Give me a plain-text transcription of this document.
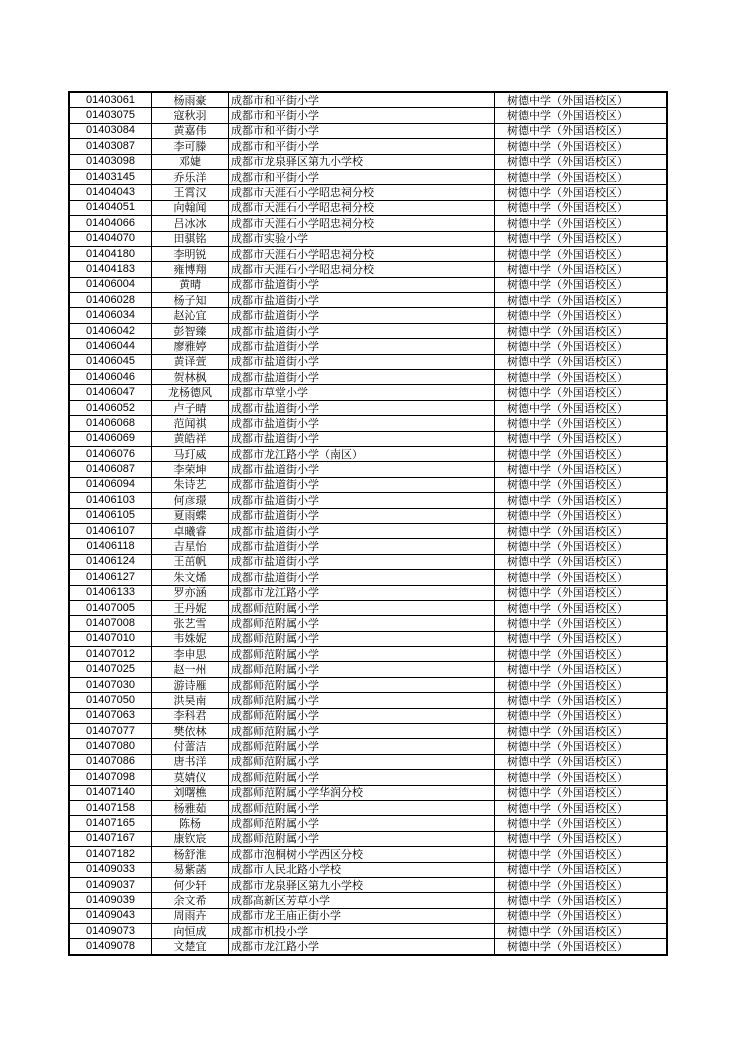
01403061	杨雨豪	成都市和平街小学	树德中学（外国语校区）
01403075	寇秋羽	成都市和平街小学	树德中学（外国语校区）
01403084	黄嘉伟	成都市和平街小学	树德中学（外国语校区）
01403087	李可滕	成都市和平街小学	树德中学（外国语校区）
01403098	邓婕	成都市龙泉驿区第九小学校	树德中学（外国语校区）
01403145	乔乐洋	成都市和平街小学	树德中学（外国语校区）
01404043	王霄汉	成都市天涯石小学昭忠祠分校	树德中学（外国语校区）
01404051	向翰闻	成都市天涯石小学昭忠祠分校	树德中学（外国语校区）
01404066	吕冰冰	成都市天涯石小学昭忠祠分校	树德中学（外国语校区）
01404070	田骐铭	成都市实验小学	树德中学（外国语校区）
01404180	李明锐	成都市天涯石小学昭忠祠分校	树德中学（外国语校区）
01404183	雍博翔	成都市天涯石小学昭忠祠分校	树德中学（外国语校区）
01406004	黄晴	成都市盐道街小学	树德中学（外国语校区）
01406028	杨子知	成都市盐道街小学	树德中学（外国语校区）
01406034	赵沁宜	成都市盐道街小学	树德中学（外国语校区）
01406042	彭智臻	成都市盐道街小学	树德中学（外国语校区）
01406044	廖雅婷	成都市盐道街小学	树德中学（外国语校区）
01406045	黄译萱	成都市盐道街小学	树德中学（外国语校区）
01406046	贺林枫	成都市盐道街小学	树德中学（外国语校区）
01406047	龙杨德风	成都市草堂小学	树德中学（外国语校区）
01406052	卢子晴	成都市盐道街小学	树德中学（外国语校区）
01406068	范闻祺	成都市盐道街小学	树德中学（外国语校区）
01406069	黄皓祥	成都市盐道街小学	树德中学（外国语校区）
01406076	马玎威	成都市龙江路小学（南区）	树德中学（外国语校区）
01406087	李荣坤	成都市盐道街小学	树德中学（外国语校区）
01406094	朱诗艺	成都市盐道街小学	树德中学（外国语校区）
01406103	何彦璟	成都市盐道街小学	树德中学（外国语校区）
01406105	夏雨蝶	成都市盐道街小学	树德中学（外国语校区）
01406107	卓曦睿	成都市盐道街小学	树德中学（外国语校区）
01406118	吉星怡	成都市盐道街小学	树德中学（外国语校区）
01406124	王茁帆	成都市盐道街小学	树德中学（外国语校区）
01406127	朱文烯	成都市盐道街小学	树德中学（外国语校区）
01406133	罗亦涵	成都市龙江路小学	树德中学（外国语校区）
01407005	王丹妮	成都师范附属小学	树德中学（外国语校区）
01407008	张艺雪	成都师范附属小学	树德中学（外国语校区）
01407010	韦姝妮	成都师范附属小学	树德中学（外国语校区）
01407012	李申思	成都师范附属小学	树德中学（外国语校区）
01407025	赵一州	成都师范附属小学	树德中学（外国语校区）
01407030	游诗雁	成都师范附属小学	树德中学（外国语校区）
01407050	洪昊南	成都师范附属小学	树德中学（外国语校区）
01407063	李科君	成都师范附属小学	树德中学（外国语校区）
01407077	樊依林	成都师范附属小学	树德中学（外国语校区）
01407080	付蕾洁	成都师范附属小学	树德中学（外国语校区）
01407086	唐书洋	成都师范附属小学	树德中学（外国语校区）
01407098	莫婧仪	成都师范附属小学	树德中学（外国语校区）
01407140	刘曙樵	成都师范附属小学华润分校	树德中学（外国语校区）
01407158	杨雅茹	成都师范附属小学	树德中学（外国语校区）
01407165	陈杨	成都师范附属小学	树德中学（外国语校区）
01407167	康钦宸	成都师范附属小学	树德中学（外国语校区）
01407182	杨舒淮	成都市泡桐树小学西区分校	树德中学（外国语校区）
01409033	易紫菡	成都市人民北路小学校	树德中学（外国语校区）
01409037	何少轩	成都市龙泉驿区第九小学校	树德中学（外国语校区）
01409039	余文希	成都高新区芳草小学	树德中学（外国语校区）
01409043	周雨卉	成都市龙王庙正街小学	树德中学（外国语校区）
01409073	向恒成	成都市机投小学	树德中学（外国语校区）
01409078	文楚宜	成都市龙江路小学	树德中学（外国语校区）
